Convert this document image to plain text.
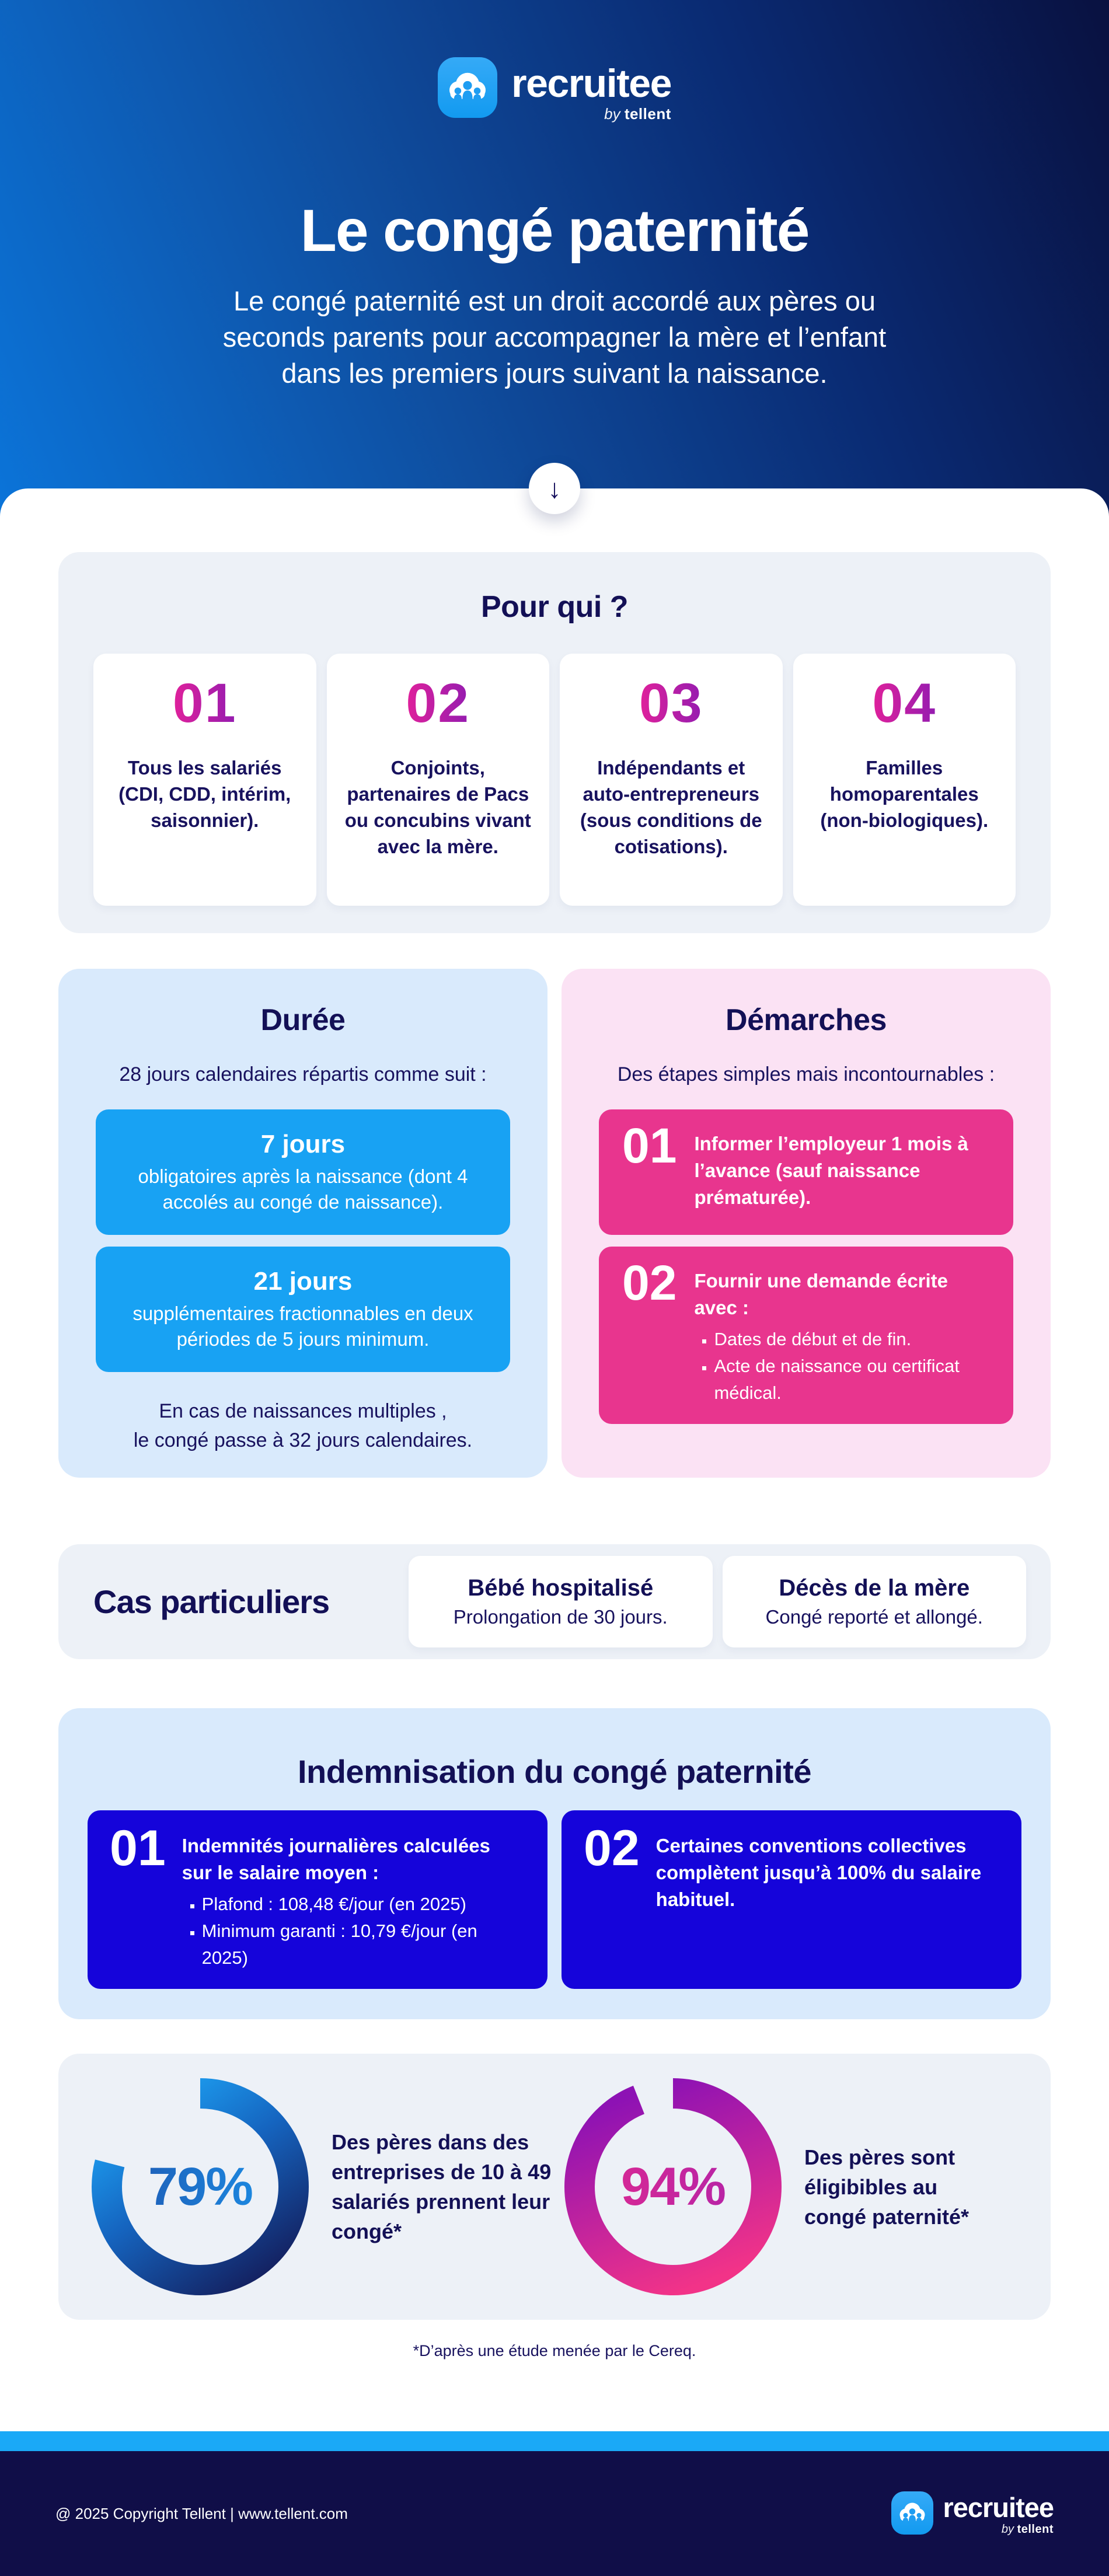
recruitee
by tellent
Le congé paternité
Le congé paternité est un droit accordé aux pères ou
seconds parents pour accompagner la mère et l’enfant
dans les premiers jours suivant la naissance.
↓
Pour qui ?
01
Tous les salariés (CDI, CDD, intérim, saisonnier).
02
Conjoints, partenaires de Pacs ou concubins vivant avec la mère.
03
Indépendants et auto-entrepreneurs (sous conditions de cotisations).
04
Familles homoparentales (non-biologiques).
Durée
28 jours calendaires répartis comme suit :
7 jours
obligatoires après la naissance (dont 4 accolés au congé de naissance).
21 jours
supplémentaires fractionnables en deux périodes de 5 jours minimum.
En cas de naissances multiples ,
le congé passe à 32 jours calendaires.
Démarches
Des étapes simples mais incontournables :
01 Informer l’employeur 1 mois à l’avance (sauf naissance prématurée).
02 Fournir une demande écrite avec :
▪ Dates de début et de fin.
▪ Acte de naissance ou certificat médical.
Cas particuliers	Bébé hospitalisé
Prolongation de 30 jours.
Décès de la mère
Congé reporté et allongé.
Indemnisation du congé paternité
01 Indemnités journalières calculées sur le salaire moyen :
▪ Plafond : 108,48 €/jour (en 2025)
▪ Minimum garanti : 10,79 €/jour (en 2025)
02 Certaines conventions collectives complètent jusqu’à 100% du salaire habituel.
79%
Des pères dans des
entreprises de 10 à 49
salariés prennent leur
congé*
94%	Des pères sont
éligibibles au
congé paternité*
*D’après une étude menée par le Cereq.
@ 2025 Copyright Tellent | www.tellent.com	recruitee
by tellent
